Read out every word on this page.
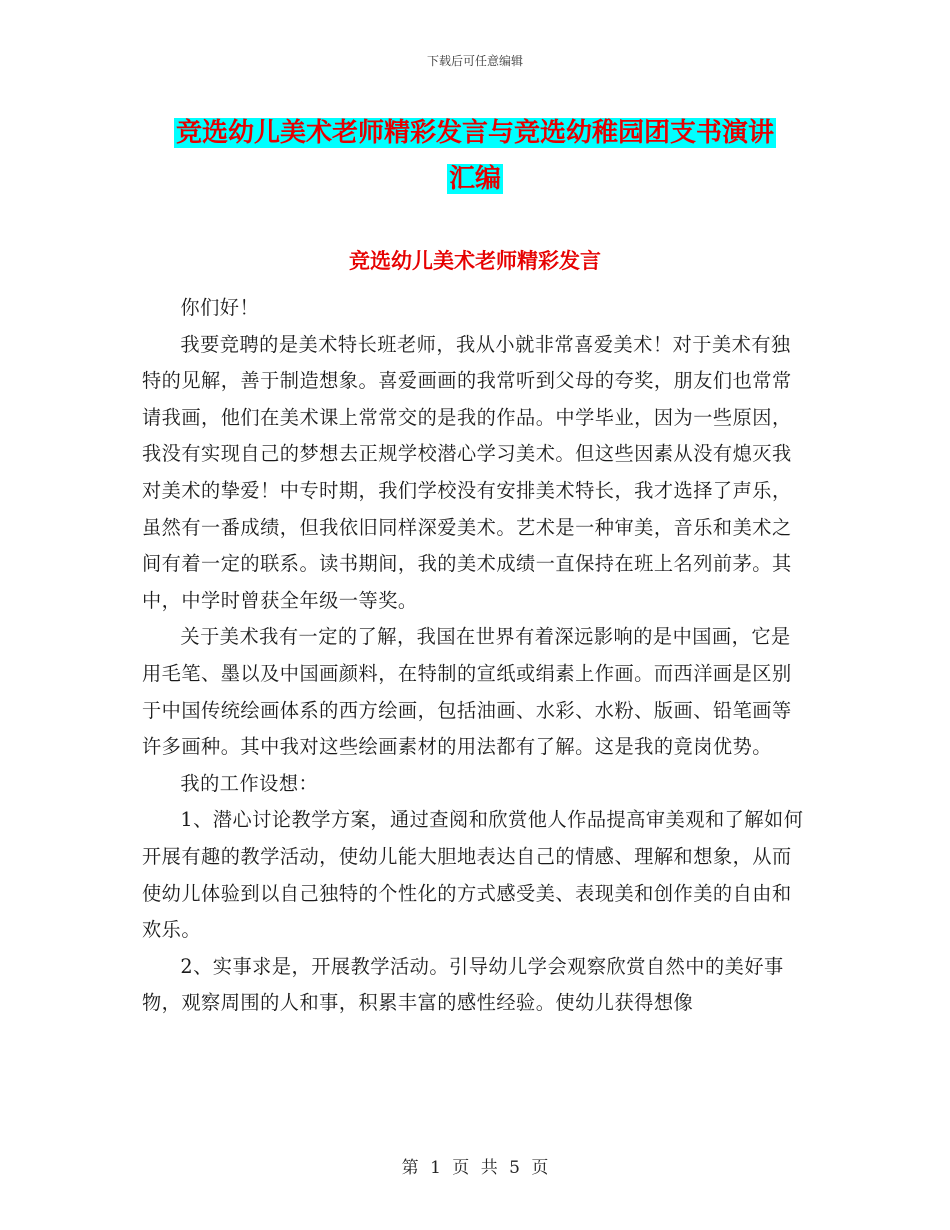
下载后可任意编辑
竞选幼儿美术老师精彩发言与竞选幼稚园团支书演讲
汇编
竞选幼儿美术老师精彩发言

你们好！

我要竞聘的是美术特长班老师，我从小就非常喜爱美术！对于美术有独特的见解，善于制造想象。喜爱画画的我常听到父母的夸奖，朋友们也常常请我画，他们在美术课上常常交的是我的作品。中学毕业，因为一些原因，我没有实现自己的梦想去正规学校潜心学习美术。但这些因素从没有熄灭我对美术的挚爱！中专时期，我们学校没有安排美术特长，我才选择了声乐，虽然有一番成绩，但我依旧同样深爱美术。艺术是一种审美，音乐和美术之间有着一定的联系。读书期间，我的美术成绩一直保持在班上名列前茅。其中，中学时曾获全年级一等奖。

关于美术我有一定的了解，我国在世界有着深远影响的是中国画，它是用毛笔、墨以及中国画颜料，在特制的宣纸或绢素上作画。而西洋画是区别于中国传统绘画体系的西方绘画，包括油画、水彩、水粉、版画、铅笔画等许多画种。其中我对这些绘画素材的用法都有了解。这是我的竟岗优势。

我的工作设想：

1、潜心讨论教学方案，通过查阅和欣赏他人作品提高审美观和了解如何开展有趣的教学活动，使幼儿能大胆地表达自己的情感、理解和想象，从而使幼儿体验到以自己独特的个性化的方式感受美、表现美和创作美的自由和欢乐。

2、实事求是，开展教学活动。引导幼儿学会观察欣赏自然中的美好事物，观察周围的人和事，积累丰富的感性经验。使幼儿获得想像

第 1 页 共 5 页
